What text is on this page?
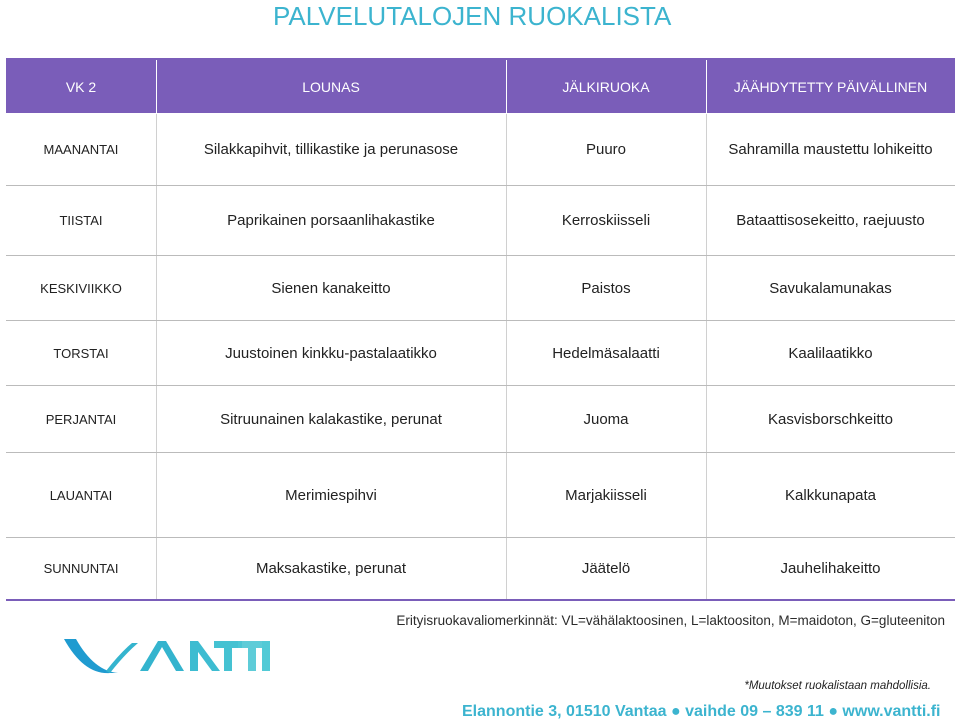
PALVELUTALOJEN RUOKALISTA
VK 2	LOUNAS	JÄLKIRUOKA	JÄÄHDYTETTY PÄIVÄLLINEN
MAANANTAI	Silakkapihvit, tillikastike ja perunasose	Puuro	Sahramilla maustettu lohikeitto
TIISTAI	Paprikainen porsaanlihakastike	Kerroskiisseli	Bataattisosekeitto, raejuusto
KESKIVIIKKO	Sienen kanakeitto	Paistos	Savukalamunakas
TORSTAI	Juustoinen kinkku-pastalaatikko	Hedelmäsalaatti	Kaalilaatikko
PERJANTAI	Sitruunainen kalakastike, perunat	Juoma	Kasvisborschkeitto
LAUANTAI	Merimiespihvi	Marjakiisseli	Kalkkunapata
SUNNUNTAI	Maksakastike, perunat	Jäätelö	Jauhelihakeitto
Erityisruokavaliomerkinnät: VL=vähälaktoosinen, L=laktoositon, M=maidoton, G=gluteeniton
*Muutokset ruokalistaan mahdollisia.
Elannontie 3, 01510 Vantaa ● vaihde 09 – 839 11 ● www.vantti.fi
